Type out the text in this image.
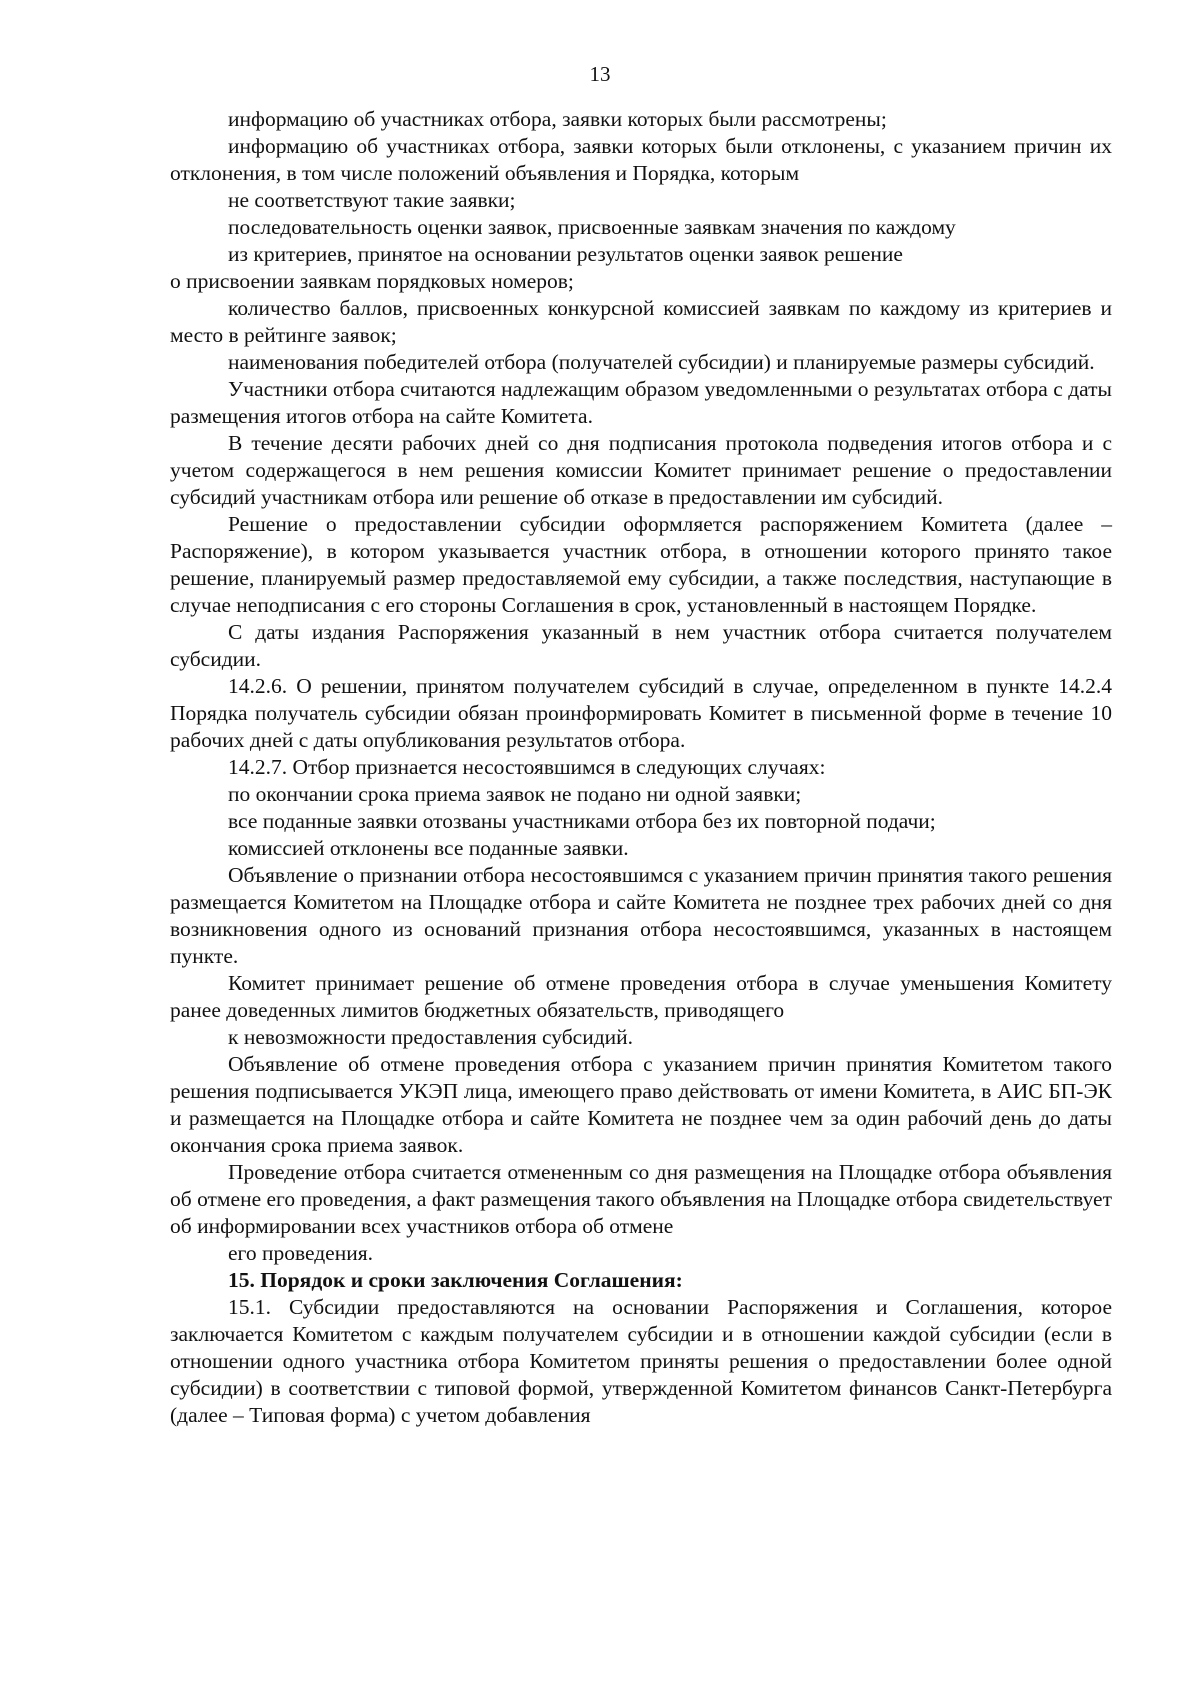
13

информацию об участниках отбора, заявки которых были рассмотрены;

информацию об участниках отбора, заявки которых были отклонены, с указанием причин их отклонения, в том числе положений объявления и Порядка, которым

не соответствуют такие заявки;

последовательность оценки заявок, присвоенные заявкам значения по каждому

из критериев, принятое на основании результатов оценки заявок решение

о присвоении заявкам порядковых номеров;

количество баллов, присвоенных конкурсной комиссией заявкам по каждому из критериев и место в рейтинге заявок;

наименования победителей отбора (получателей субсидии) и планируемые размеры субсидий.

Участники отбора считаются надлежащим образом уведомленными о результатах отбора с даты размещения итогов отбора на сайте Комитета.

В течение десяти рабочих дней со дня подписания протокола подведения итогов отбора и с учетом содержащегося в нем решения комиссии Комитет принимает решение о предоставлении субсидий участникам отбора или решение об отказе в предоставлении им субсидий.

Решение о предоставлении субсидии оформляется распоряжением Комитета (далее – Распоряжение), в котором указывается участник отбора, в отношении которого принято такое решение, планируемый размер предоставляемой ему субсидии, а также последствия, наступающие в случае неподписания с его стороны Соглашения в срок, установленный в настоящем Порядке.

С даты издания Распоряжения указанный в нем участник отбора считается получателем субсидии.

14.2.6. О решении, принятом получателем субсидий в случае, определенном в пункте 14.2.4 Порядка получатель субсидии обязан проинформировать Комитет в письменной форме в течение 10 рабочих дней с даты опубликования результатов отбора.

14.2.7. Отбор признается несостоявшимся в следующих случаях:

по окончании срока приема заявок не подано ни одной заявки;

все поданные заявки отозваны участниками отбора без их повторной подачи;

комиссией отклонены все поданные заявки.

Объявление о признании отбора несостоявшимся с указанием причин принятия такого решения размещается Комитетом на Площадке отбора и сайте Комитета не позднее трех рабочих дней со дня возникновения одного из оснований признания отбора несостоявшимся, указанных в настоящем пункте.

Комитет принимает решение об отмене проведения отбора в случае уменьшения Комитету ранее доведенных лимитов бюджетных обязательств, приводящего

к невозможности предоставления субсидий.

Объявление об отмене проведения отбора с указанием причин принятия Комитетом такого решения подписывается УКЭП лица, имеющего право действовать от имени Комитета, в АИС БП-ЭК и размещается на Площадке отбора и сайте Комитета не позднее чем за один рабочий день до даты окончания срока приема заявок.

Проведение отбора считается отмененным со дня размещения на Площадке отбора объявления об отмене его проведения, а факт размещения такого объявления на Площадке отбора свидетельствует об информировании всех участников отбора об отмене

его проведения.

15. Порядок и сроки заключения Соглашения:

15.1. Субсидии предоставляются на основании Распоряжения и Соглашения, которое заключается Комитетом с каждым получателем субсидии и в отношении каждой субсидии (если в отношении одного участника отбора Комитетом приняты решения о предоставлении более одной субсидии) в соответствии с типовой формой, утвержденной Комитетом финансов Санкт-Петербурга (далее – Типовая форма) с учетом добавления
